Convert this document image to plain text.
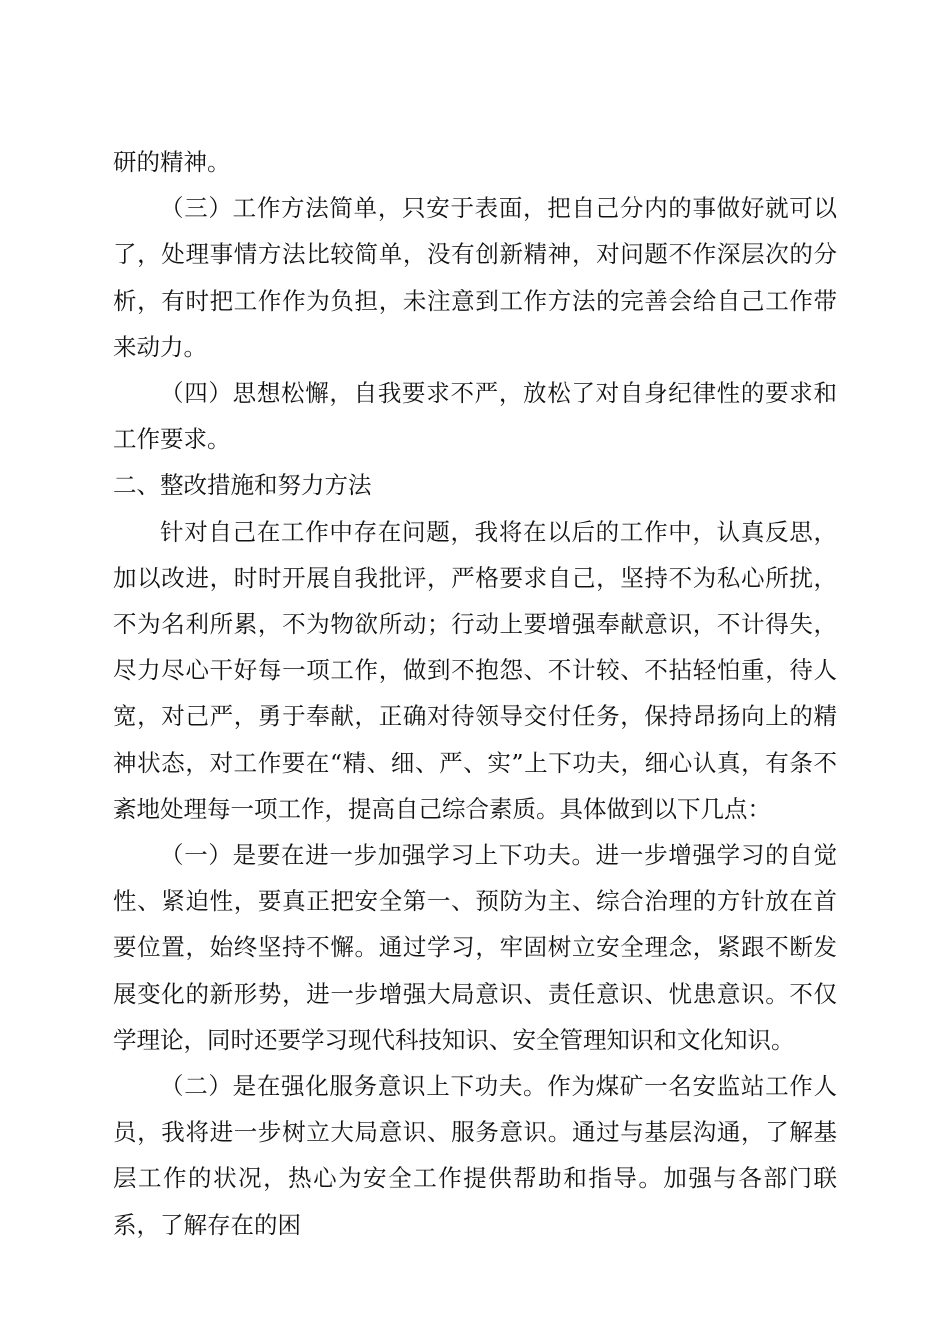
研的精神。

（三）工作方法简单，只安于表面，把自己分内的事做好就可以了，处理事情方法比较简单，没有创新精神，对问题不作深层次的分析，有时把工作作为负担，未注意到工作方法的完善会给自己工作带来动力。

（四）思想松懈，自我要求不严，放松了对自身纪律性的要求和工作要求。

二、整改措施和努力方法

针对自己在工作中存在问题，我将在以后的工作中，认真反思，加以改进，时时开展自我批评，严格要求自己，坚持不为私心所扰，不为名利所累，不为物欲所动；行动上要增强奉献意识，不计得失，尽力尽心干好每一项工作，做到不抱怨、不计较、不拈轻怕重，待人宽，对己严，勇于奉献，正确对待领导交付任务，保持昂扬向上的精神状态，对工作要在“精、细、严、实”上下功夫，细心认真，有条不紊地处理每一项工作，提高自己综合素质。具体做到以下几点：

（一）是要在进一步加强学习上下功夫。进一步增强学习的自觉性、紧迫性，要真正把安全第一、预防为主、综合治理的方针放在首要位置，始终坚持不懈。通过学习，牢固树立安全理念，紧跟不断发展变化的新形势，进一步增强大局意识、责任意识、忧患意识。不仅学理论，同时还要学习现代科技知识、安全管理知识和文化知识。

（二）是在强化服务意识上下功夫。作为煤矿一名安监站工作人员，我将进一步树立大局意识、服务意识。通过与基层沟通，了解基层工作的状况，热心为安全工作提供帮助和指导。加强与各部门联系，了解存在的困
